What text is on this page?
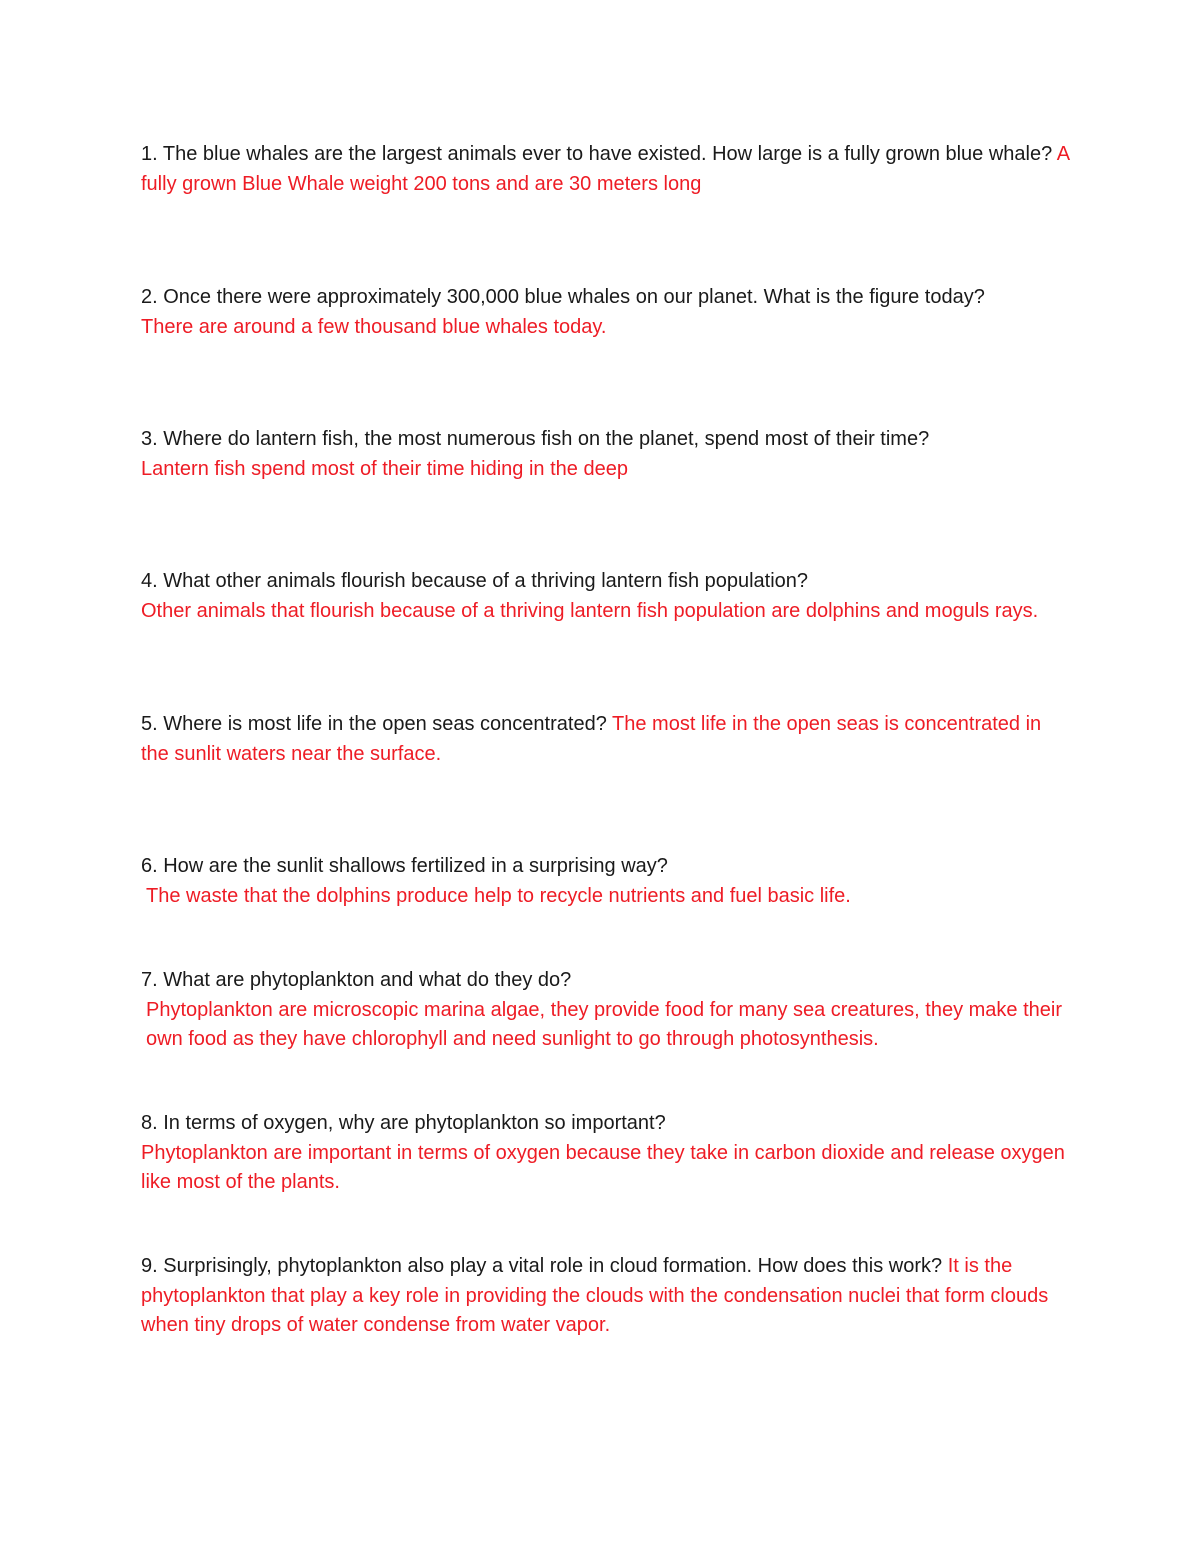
1. The blue whales are the largest animals ever to have existed. How large is a fully grown blue whale? A fully grown Blue Whale weight 200 tons and are 30 meters long
2. Once there were approximately 300,000 blue whales on our planet. What is the figure today?
There are around a few thousand blue whales today.
3. Where do lantern fish, the most numerous fish on the planet, spend most of their time?
Lantern fish spend most of their time hiding in the deep
4. What other animals flourish because of a thriving lantern fish population?
Other animals that flourish because of a thriving lantern fish population are dolphins and moguls rays.
5. Where is most life in the open seas concentrated? The most life in the open seas is concentrated in the sunlit waters near the surface.
6. How are the sunlit shallows fertilized in a surprising way?
The waste that the dolphins produce help to recycle nutrients and fuel basic life.
7. What are phytoplankton and what do they do?
Phytoplankton are microscopic marina algae, they provide food for many sea creatures, they make their own food as they have chlorophyll and need sunlight to go through photosynthesis.
8. In terms of oxygen, why are phytoplankton so important?
Phytoplankton are important in terms of oxygen because they take in carbon dioxide and release oxygen like most of the plants.
9. Surprisingly, phytoplankton also play a vital role in cloud formation. How does this work? It is the phytoplankton that play a key role in providing the clouds with the condensation nuclei that form clouds when tiny drops of water condense from water vapor.
